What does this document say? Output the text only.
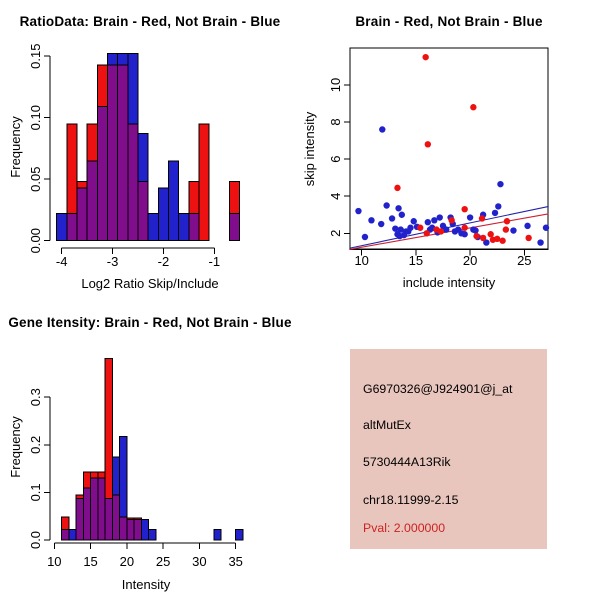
0.00
0.05
0.10
0.15
-4	-3	-2	-1
RatioData: Brain - Red, Not Brain - Blue
Log2 Ratio Skip/Include
Frequency
2
4
6
8
10
10	15	20	25
Brain - Red, Not Brain - Blue
include intensity
skip intensity
0.0
0.1
0.2
0.3
10 15 20 25 30 35
Gene Itensity: Brain - Red, Not Brain - Blue
Intensity
Frequency
G6970326@J924901@j_at
altMutEx
5730444A13Rik
chr18.11999-2.15
Pval: 2.000000
